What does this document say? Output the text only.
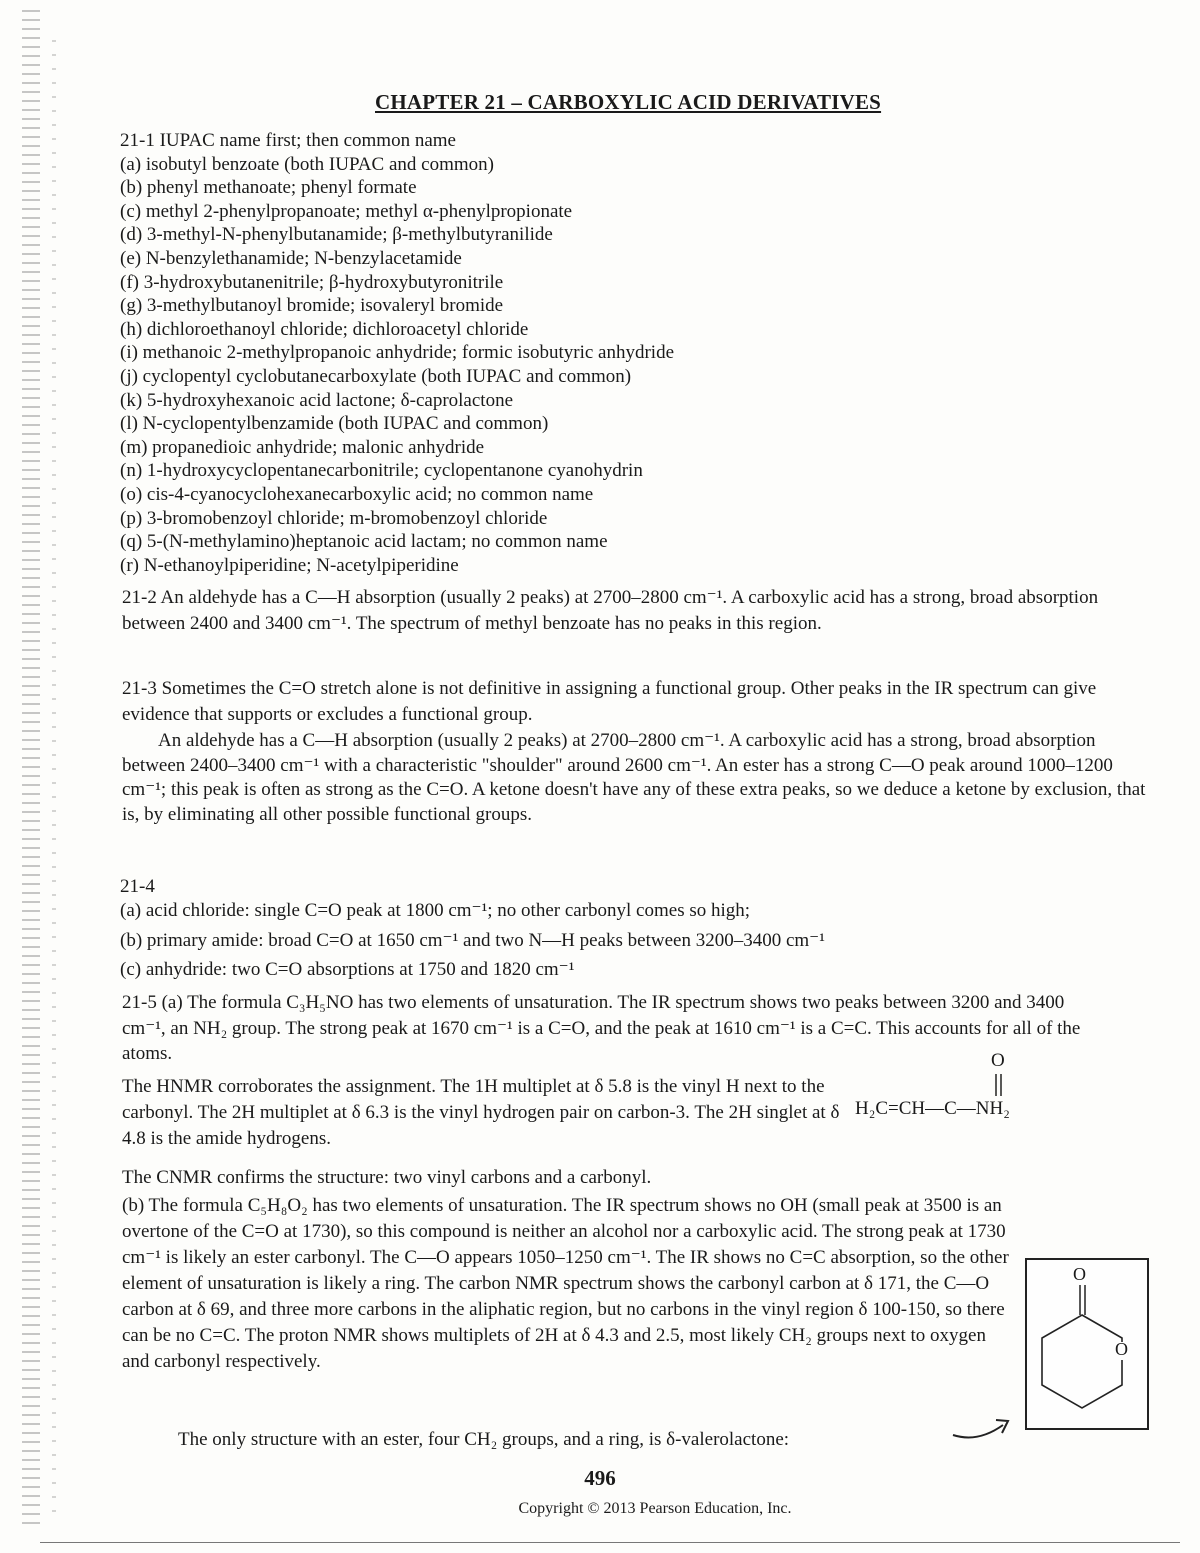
CHAPTER 21 – CARBOXYLIC ACID DERIVATIVES
21-1 IUPAC name first; then common name
(a) isobutyl benzoate (both IUPAC and common)
(b) phenyl methanoate; phenyl formate
(c) methyl 2-phenylpropanoate; methyl α-phenylpropionate
(d) 3-methyl-N-phenylbutanamide; β-methylbutyranilide
(e) N-benzylethanamide; N-benzylacetamide
(f) 3-hydroxybutanenitrile; β-hydroxybutyronitrile
(g) 3-methylbutanoyl bromide; isovaleryl bromide
(h) dichloroethanoyl chloride; dichloroacetyl chloride
(i) methanoic 2-methylpropanoic anhydride; formic isobutyric anhydride
(j) cyclopentyl cyclobutanecarboxylate (both IUPAC and common)
(k) 5-hydroxyhexanoic acid lactone; δ-caprolactone
(l) N-cyclopentylbenzamide (both IUPAC and common)
(m) propanedioic anhydride; malonic anhydride
(n) 1-hydroxycyclopentanecarbonitrile; cyclopentanone cyanohydrin
(o) cis-4-cyanocyclohexanecarboxylic acid; no common name
(p) 3-bromobenzoyl chloride; m-bromobenzoyl chloride
(q) 5-(N-methylamino)heptanoic acid lactam; no common name
(r) N-ethanoylpiperidine; N-acetylpiperidine
21-2 An aldehyde has a C—H absorption (usually 2 peaks) at 2700–2800 cm⁻¹. A carboxylic acid has a strong, broad absorption between 2400 and 3400 cm⁻¹. The spectrum of methyl benzoate has no peaks in this region.
21-3 Sometimes the C=O stretch alone is not definitive in assigning a functional group. Other peaks in the IR spectrum can give evidence that supports or excludes a functional group.
An aldehyde has a C—H absorption (usually 2 peaks) at 2700–2800 cm⁻¹. A carboxylic acid has a strong, broad absorption between 2400–3400 cm⁻¹ with a characteristic "shoulder" around 2600 cm⁻¹. An ester has a strong C—O peak around 1000–1200 cm⁻¹; this peak is often as strong as the C=O. A ketone doesn't have any of these extra peaks, so we deduce a ketone by exclusion, that is, by eliminating all other possible functional groups.
21-4
(a) acid chloride: single C=O peak at 1800 cm⁻¹; no other carbonyl comes so high;
(b) primary amide: broad C=O at 1650 cm⁻¹ and two N—H peaks between 3200–3400 cm⁻¹
(c) anhydride: two C=O absorptions at 1750 and 1820 cm⁻¹
21-5 (a) The formula C₃H₅NO has two elements of unsaturation. The IR spectrum shows two peaks between 3200 and 3400 cm⁻¹, an NH₂ group. The strong peak at 1670 cm⁻¹ is a C=O, and the peak at 1610 cm⁻¹ is a C=C. This accounts for all of the atoms.
The HNMR corroborates the assignment. The 1H multiplet at δ 5.8 is the vinyl H next to the carbonyl. The 2H multiplet at δ 6.3 is the vinyl hydrogen pair on carbon-3. The 2H singlet at δ 4.8 is the amide hydrogens.
The CNMR confirms the structure: two vinyl carbons and a carbonyl.
O
H₂C=CH—C—NH₂
(b) The formula C₅H₈O₂ has two elements of unsaturation. The IR spectrum shows no OH (small peak at 3500 is an overtone of the C=O at 1730), so this compound is neither an alcohol nor a carboxylic acid. The strong peak at 1730 cm⁻¹ is likely an ester carbonyl. The C—O appears 1050–1250 cm⁻¹. The IR shows no C=C absorption, so the other element of unsaturation is likely a ring. The carbon NMR spectrum shows the carbonyl carbon at δ 171, the C—O carbon at δ 69, and three more carbons in the aliphatic region, but no carbons in the vinyl region δ 100-150, so there can be no C=C. The proton NMR shows multiplets of 2H at δ 4.3 and 2.5, most likely CH₂ groups next to oxygen and carbonyl respectively.
The only structure with an ester, four CH₂ groups, and a ring, is δ-valerolactone:
O
O
496
Copyright © 2013 Pearson Education, Inc.
